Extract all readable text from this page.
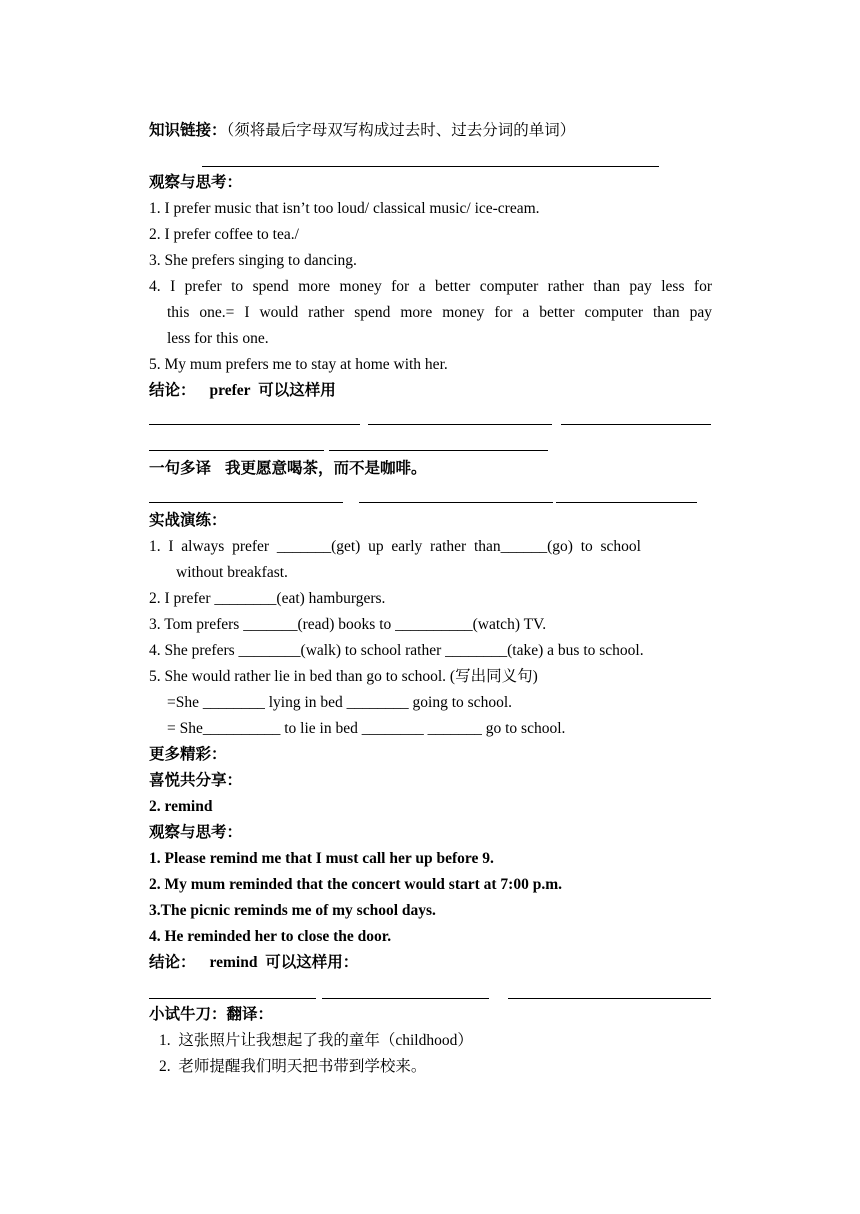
知识链接：（须将最后字母双写构成过去时、过去分词的单词）
观察与思考：
1. I prefer music that isn’t too loud/ classical music/ ice-cream.
2. I prefer coffee to tea./
3. She prefers singing to dancing.
4. I prefer to spend more money for a better computer rather than pay less for
this one.= I would rather spend more money for a better computer than pay
less for this one.
5. My mum prefers me to stay at home with her.
结论： prefer 可以这样用
一句多译 我更愿意喝茶，而不是咖啡。
实战演练：
1.  I  always  prefer  _______(get)  up  early  rather  than______(go)  to  school
without breakfast.
2. I prefer ________(eat) hamburgers.
3. Tom prefers _______(read) books to __________(watch) TV.
4. She prefers ________(walk) to school rather ________(take) a bus to school.
5. She would rather lie in bed than go to school. (写出同义句)
=She ________ lying in bed ________ going to school.
= She__________ to lie in bed ________ _______ go to school.
更多精彩：
喜悦共分享：
2. remind
观察与思考：
1. Please remind me that I must call her up before 9.
2. My mum reminded that the concert would start at 7:00 p.m.
3.The picnic reminds me of my school days.
4. He reminded her to close the door.
结论： remind 可以这样用：
小试牛刀：翻译：
1.  这张照片让我想起了我的童年（childhood）
2.  老师提醒我们明天把书带到学校来。
